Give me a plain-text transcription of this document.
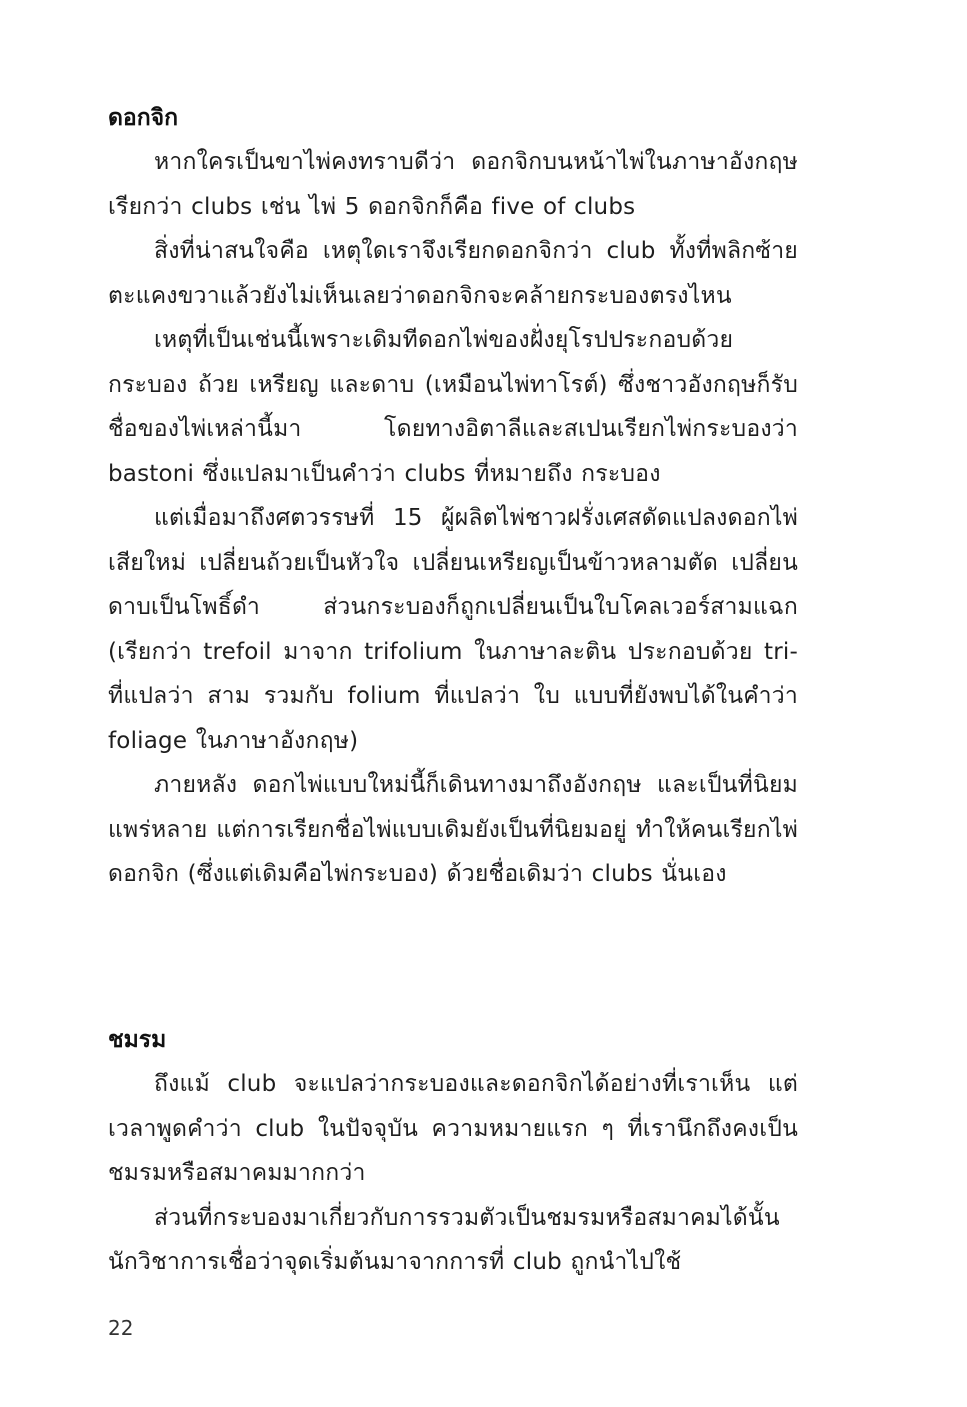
ดอกจิก

หากใครเป็นขาไพ่คงทราบดีว่า ดอกจิกบนหน้าไพ่ในภาษาอังกฤษเรียกว่า clubs เช่น ไพ่ 5 ดอกจิกก็คือ five of clubs

สิ่งที่น่าสนใจคือ เหตุใดเราจึงเรียกดอกจิกว่า club ทั้งที่พลิกซ้ายตะแคงขวาแล้วยังไม่เห็นเลยว่าดอกจิกจะคล้ายกระบองตรงไหน

เหตุที่เป็นเช่นนี้เพราะเดิมทีดอกไพ่ของฝั่งยุโรปประกอบด้วยกระบอง ถ้วย เหรียญ และดาบ (เหมือนไพ่ทาโรต์) ซึ่งชาวอังกฤษก็รับชื่อของไพ่เหล่านี้มา โดยทางอิตาลีและสเปนเรียกไพ่กระบองว่า bastoni ซึ่งแปลมาเป็นคำว่า clubs ที่หมายถึง กระบอง

แต่เมื่อมาถึงศตวรรษที่ 15 ผู้ผลิตไพ่ชาวฝรั่งเศสดัดแปลงดอกไพ่เสียใหม่ เปลี่ยนถ้วยเป็นหัวใจ เปลี่ยนเหรียญเป็นข้าวหลามตัด เปลี่ยนดาบเป็นโพธิ์ดำ ส่วนกระบองก็ถูกเปลี่ยนเป็นใบโคลเวอร์สามแฉก (เรียกว่า trefoil มาจาก trifolium ในภาษาละติน ประกอบด้วย tri- ที่แปลว่า สาม รวมกับ folium ที่แปลว่า ใบ แบบที่ยังพบได้ในคำว่า foliage ในภาษาอังกฤษ)

ภายหลัง ดอกไพ่แบบใหม่นี้ก็เดินทางมาถึงอังกฤษ และเป็นที่นิยมแพร่หลาย แต่การเรียกชื่อไพ่แบบเดิมยังเป็นที่นิยมอยู่ ทำให้คนเรียกไพ่ดอกจิก (ซึ่งแต่เดิมคือไพ่กระบอง) ด้วยชื่อเดิมว่า clubs นั่นเอง

ชมรม

ถึงแม้ club จะแปลว่ากระบองและดอกจิกได้อย่างที่เราเห็น แต่เวลาพูดคำว่า club ในปัจจุบัน ความหมายแรก ๆ ที่เรานึกถึงคงเป็นชมรมหรือสมาคมมากกว่า

ส่วนที่กระบองมาเกี่ยวกับการรวมตัวเป็นชมรมหรือสมาคมได้นั้น นักวิชาการเชื่อว่าจุดเริ่มต้นมาจากการที่ club ถูกนำไปใช้

22
